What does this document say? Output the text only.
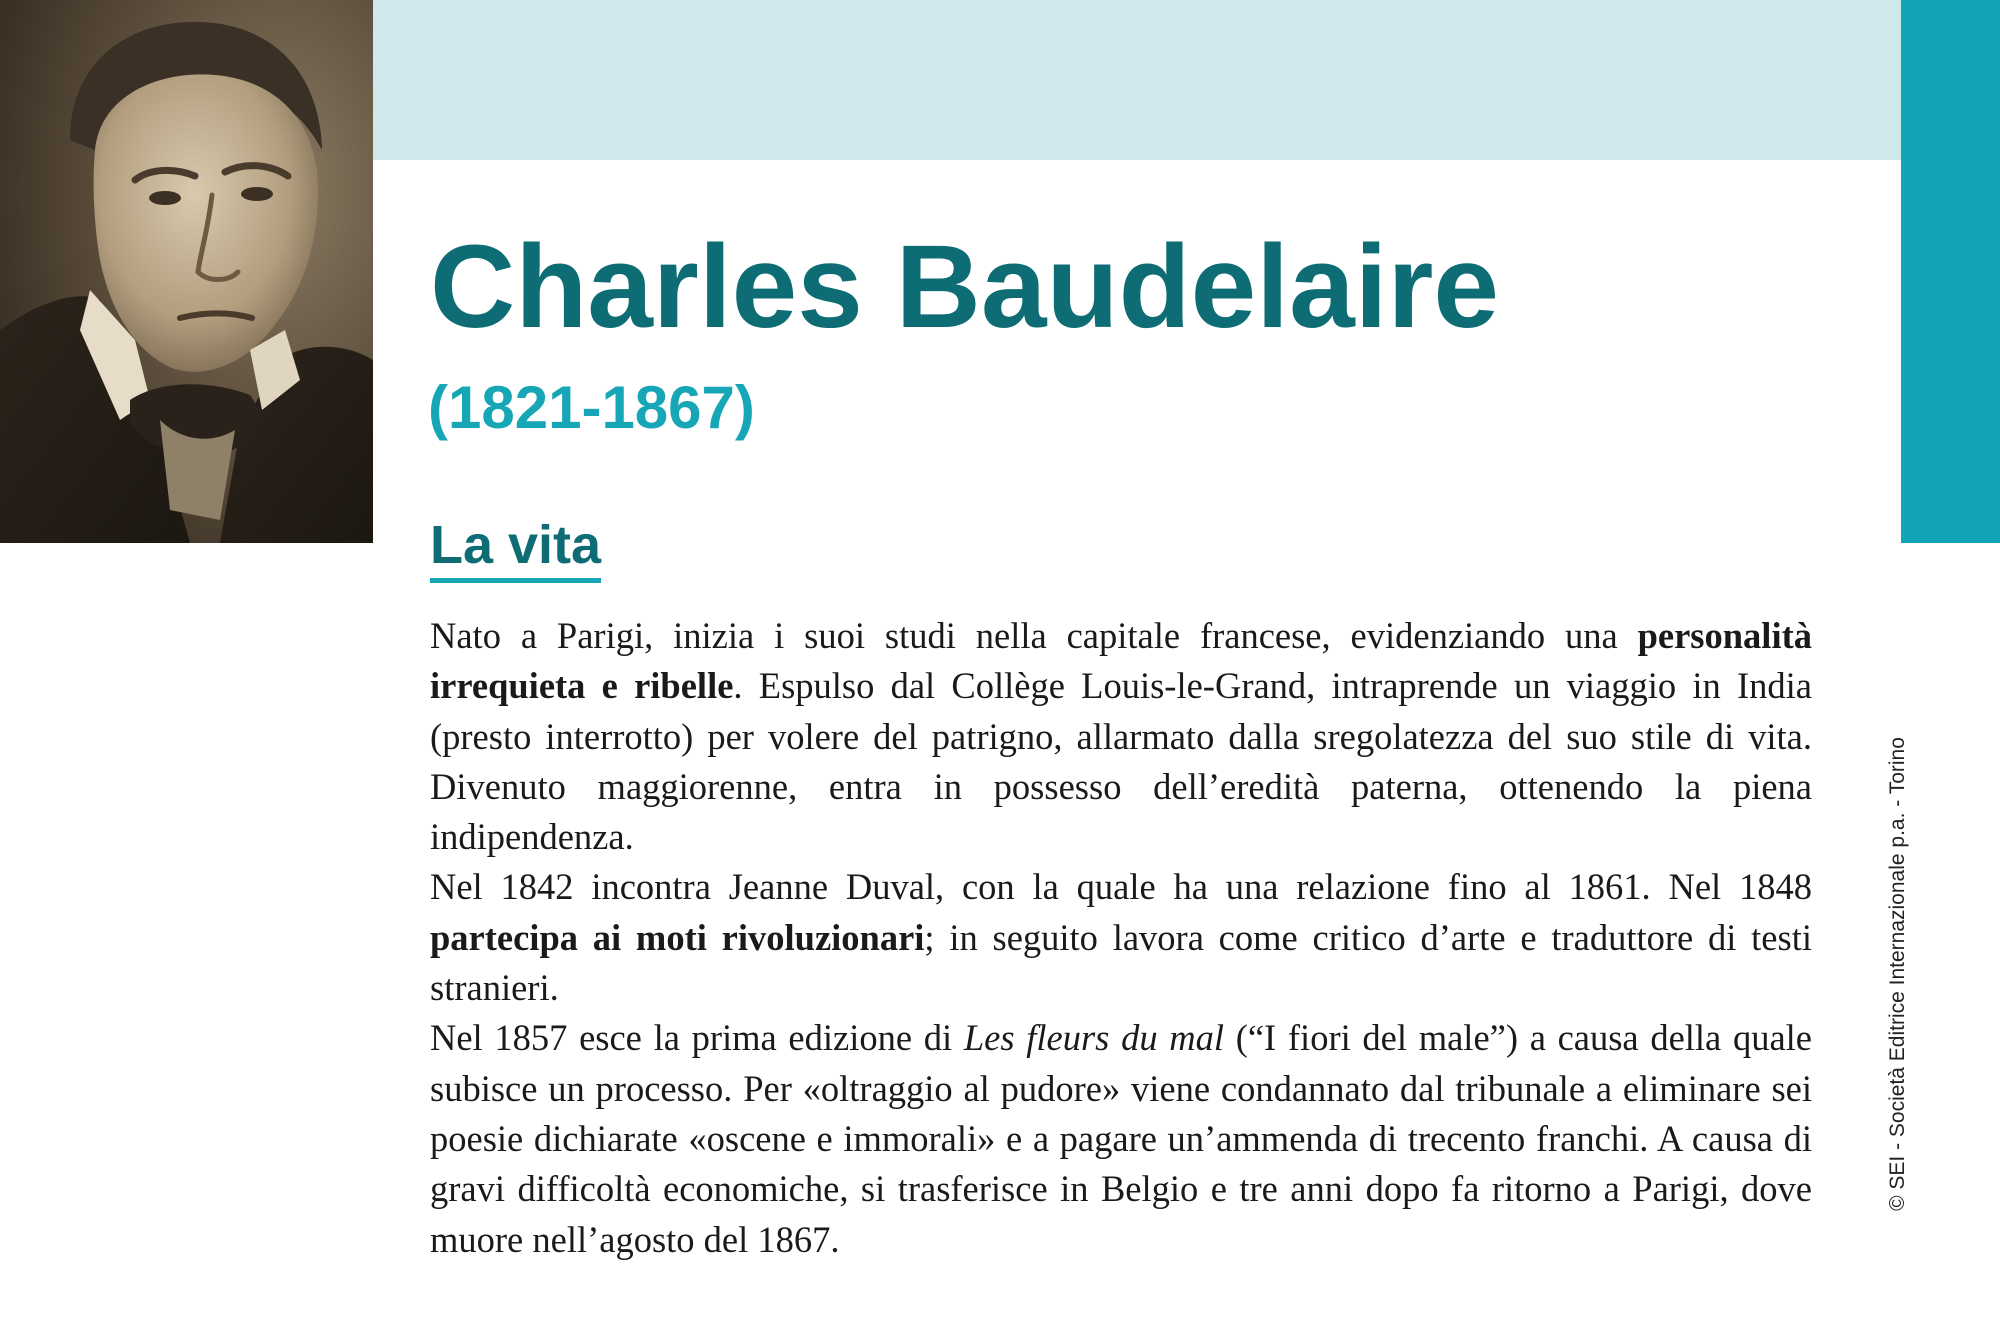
Charles Baudelaire
(1821-1867)
La vita

Nato a Parigi, inizia i suoi studi nella capitale francese, evidenziando una personalità irrequieta e ribelle. Espulso dal Collège Louis-le-Grand, intraprende un viaggio in India (presto interrotto) per volere del patrigno, allarmato dalla sregolatezza del suo stile di vita. Divenuto maggiorenne, entra in possesso dell’eredità paterna, ottenendo la piena indipendenza.

Nel 1842 incontra Jeanne Duval, con la quale ha una relazione fino al 1861. Nel 1848 partecipa ai moti rivoluzionari; in seguito lavora come critico d’arte e traduttore di testi stranieri.

Nel 1857 esce la prima edizione di Les fleurs du mal (“I fiori del male”) a causa della quale subisce un processo. Per «oltraggio al pudore» viene condannato dal tribunale a eliminare sei poesie dichiarate «oscene e immorali» e a pagare un’ammenda di trecento franchi. A causa di gravi difficoltà economiche, si trasferisce in Belgio e tre anni dopo fa ritorno a Parigi, dove muore nell’agosto del 1867.

© SEI - Società Editrice Internazionale p.a. - Torino
